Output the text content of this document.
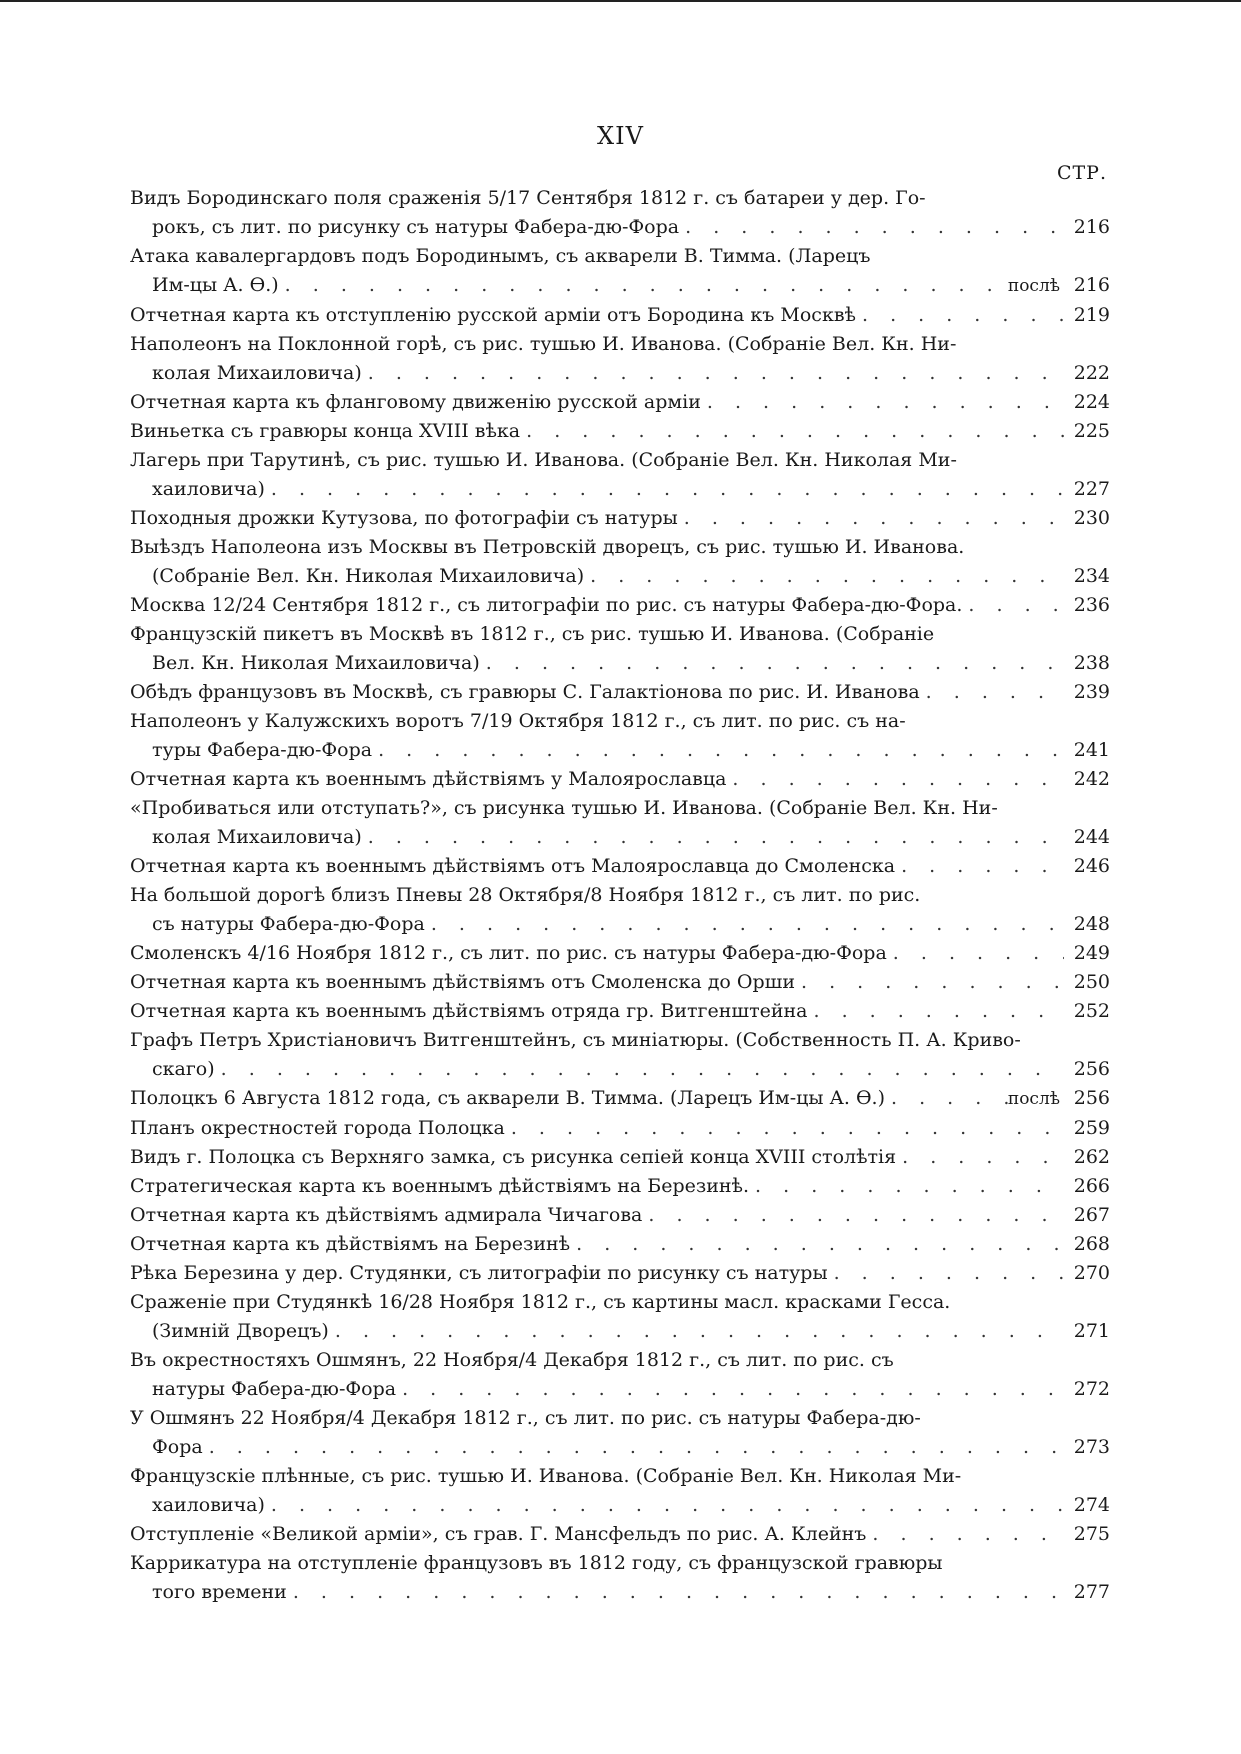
XIV
СТР.
Видъ Бородинскаго поля сраженія 5/17 Сентября 1812 г. съ батареи у дер. Го-
рокъ, съ лит. по рисунку съ натуры Фабера-дю-Фора . . .	216
Атака кавалергардовъ подъ Бородинымъ, съ акварели В. Тимма. (Ларецъ
Им-цы А. Ѳ.) . . .	послѣ 216
Отчетная карта къ отступленію русской арміи отъ Бородина къ Москвѣ . . .	219
Наполеонъ на Поклонной горѣ, съ рис. тушью И. Иванова. (Собраніе Вел. Кн. Ни-
колая Михаиловича) . . .	222
Отчетная карта къ фланговому движенію русской арміи . . .	224
Виньетка съ гравюры конца XVIII вѣка . . .	225
Лагерь при Тарутинѣ, съ рис. тушью И. Иванова. (Собраніе Вел. Кн. Николая Ми-
хаиловича) . . .	227
Походныя дрожки Кутузова, по фотографіи съ натуры . . .	230
Выѣздъ Наполеона изъ Москвы въ Петровскій дворецъ, съ рис. тушью И. Иванова.
(Собраніе Вел. Кн. Николая Михаиловича) . . .	234
Москва 12/24 Сентября 1812 г., съ литографіи по рис. съ натуры Фабера-дю-Фора. . . .	236
Французскій пикетъ въ Москвѣ въ 1812 г., съ рис. тушью И. Иванова. (Собраніе
Вел. Кн. Николая Михаиловича) . . .	238
Обѣдъ французовъ въ Москвѣ, съ гравюры С. Галактіонова по рис. И. Иванова . . .	239
Наполеонъ у Калужскихъ воротъ 7/19 Октября 1812 г., съ лит. по рис. съ на-
туры Фабера-дю-Фора . . .	241
Отчетная карта къ военнымъ дѣйствіямъ у Малоярославца . . .	242
«Пробиваться или отступать?», съ рисунка тушью И. Иванова. (Собраніе Вел. Кн. Ни-
колая Михаиловича) . . .	244
Отчетная карта къ военнымъ дѣйствіямъ отъ Малоярославца до Смоленска . . .	246
На большой дорогѣ близъ Пневы 28 Октября/8 Ноября 1812 г., съ лит. по рис.
съ натуры Фабера-дю-Фора . . .	248
Смоленскъ 4/16 Ноября 1812 г., съ лит. по рис. съ натуры Фабера-дю-Фора . . .	249
Отчетная карта къ военнымъ дѣйствіямъ отъ Смоленска до Орши . . .	250
Отчетная карта къ военнымъ дѣйствіямъ отряда гр. Витгенштейна . . .	252
Графъ Петръ Христіановичъ Витгенштейнъ, съ миніатюры. (Собственность П. А. Криво-
скаго) . . .	256
Полоцкъ 6 Августа 1812 года, съ акварели В. Тимма. (Ларецъ Им-цы А. Ѳ.) . . .	послѣ 256
Планъ окрестностей города Полоцка . . .	259
Видъ г. Полоцка съ Верхняго замка, съ рисунка сепіей конца XVIII столѣтія . . .	262
Стратегическая карта къ военнымъ дѣйствіямъ на Березинѣ. . . .	266
Отчетная карта къ дѣйствіямъ адмирала Чичагова . . .	267
Отчетная карта къ дѣйствіямъ на Березинѣ . . .	268
Рѣка Березина у дер. Студянки, съ литографіи по рисунку съ натуры . . .	270
Сраженіе при Студянкѣ 16/28 Ноября 1812 г., съ картины масл. красками Гесса.
(Зимній Дворецъ) . . .	271
Въ окрестностяхъ Ошмянъ, 22 Ноября/4 Декабря 1812 г., съ лит. по рис. съ
натуры Фабера-дю-Фора . . .	272
У Ошмянъ 22 Ноября/4 Декабря 1812 г., съ лит. по рис. съ натуры Фабера-дю-
Фора . . .	273
Французскіе плѣнные, съ рис. тушью И. Иванова. (Собраніе Вел. Кн. Николая Ми-
хаиловича) . . .	274
Отступленіе «Великой арміи», съ грав. Г. Мансфельдъ по рис. А. Клейнъ . . .	275
Каррикатура на отступленіе французовъ въ 1812 году, съ французской гравюры
того времени . . .	277
